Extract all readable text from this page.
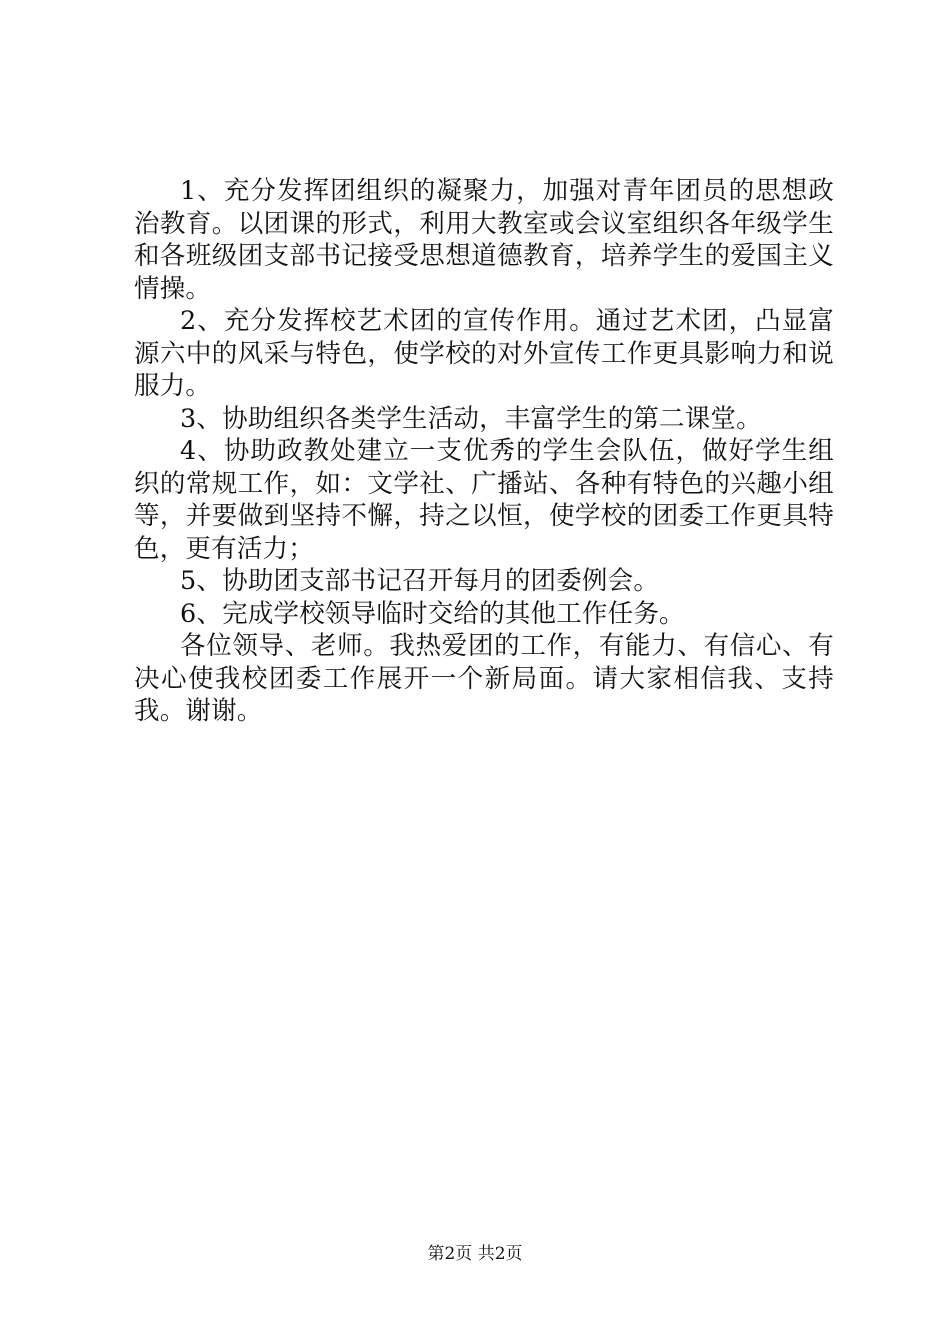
1、充分发挥团组织的凝聚力，加强对青年团员的思想政治教育。以团课的形式，利用大教室或会议室组织各年级学生和各班级团支部书记接受思想道德教育，培养学生的爱国主义情操。

2、充分发挥校艺术团的宣传作用。通过艺术团，凸显富源六中的风采与特色，使学校的对外宣传工作更具影响力和说服力。

3、协助组织各类学生活动，丰富学生的第二课堂。

4、协助政教处建立一支优秀的学生会队伍，做好学生组织的常规工作，如：文学社、广播站、各种有特色的兴趣小组等，并要做到坚持不懈，持之以恒，使学校的团委工作更具特色，更有活力；

5、协助团支部书记召开每月的团委例会。

6、完成学校领导临时交给的其他工作任务。

各位领导、老师。我热爱团的工作，有能力、有信心、有决心使我校团委工作展开一个新局面。请大家相信我、支持我。谢谢。

第2页 共2页
